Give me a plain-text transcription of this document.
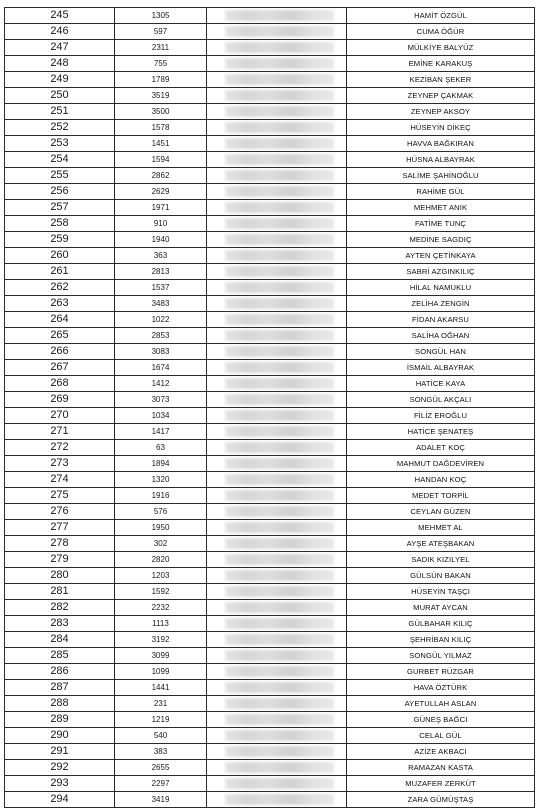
245	1305		HAMİT ÖZGÜL
246	597		CUMA ÖĞÜR
247	2311		MÜLKİYE BALYÜZ
248	755		EMİNE KARAKUŞ
249	1789		KEZİBAN ŞEKER
250	3519		ZEYNEP ÇAKMAK
251	3500		ZEYNEP AKSOY
252	1578		HÜSEYİN DİKEÇ
253	1451		HAVVA BAĞKIRAN
254	1594		HÜSNA ALBAYRAK
255	2862		SALİME ŞAHİNOĞLU
256	2629		RAHİME GÜL
257	1971		MEHMET ANIK
258	910		FATİME TUNÇ
259	1940		MEDİNE SAGDIÇ
260	363		AYTEN ÇETİNKAYA
261	2813		SABRİ AZGINKILIÇ
262	1537		HİLAL NAMUKLU
263	3483		ZELİHA ZENGİN
264	1022		FİDAN AKARSU
265	2853		SALİHA OĞHAN
266	3083		SONGÜL HAN
267	1674		İSMAİL ALBAYRAK
268	1412		HATİCE KAYA
269	3073		SONGÜL AKÇALI
270	1034		FİLİZ EROĞLU
271	1417		HATİCE ŞENATEŞ
272	63		ADALET KOÇ
273	1894		MAHMUT DAĞDEVİREN
274	1320		HANDAN KOÇ
275	1916		MEDET TORPİL
276	576		CEYLAN GÜZEN
277	1950		MEHMET AL
278	302		AYŞE ATEŞBAKAN
279	2820		SADIK KIZILYEL
280	1203		GÜLSÜN BAKAN
281	1592		HÜSEYİN TAŞÇI
282	2232		MURAT AYCAN
283	1113		GÜLBAHAR KILIÇ
284	3192		ŞEHRİBAN KILIÇ
285	3099		SONGÜL YILMAZ
286	1099		GURBET RÜZGAR
287	1441		HAVA ÖZTÜRK
288	231		AYETULLAH ASLAN
289	1219		GÜNEŞ BAĞCI
290	540		CELAL GÜL
291	383		AZİZE AKBACI
292	2655		RAMAZAN KASTA
293	2297		MUZAFER ZERKÜT
294	3419		ZARA GÜMÜŞTAŞ
